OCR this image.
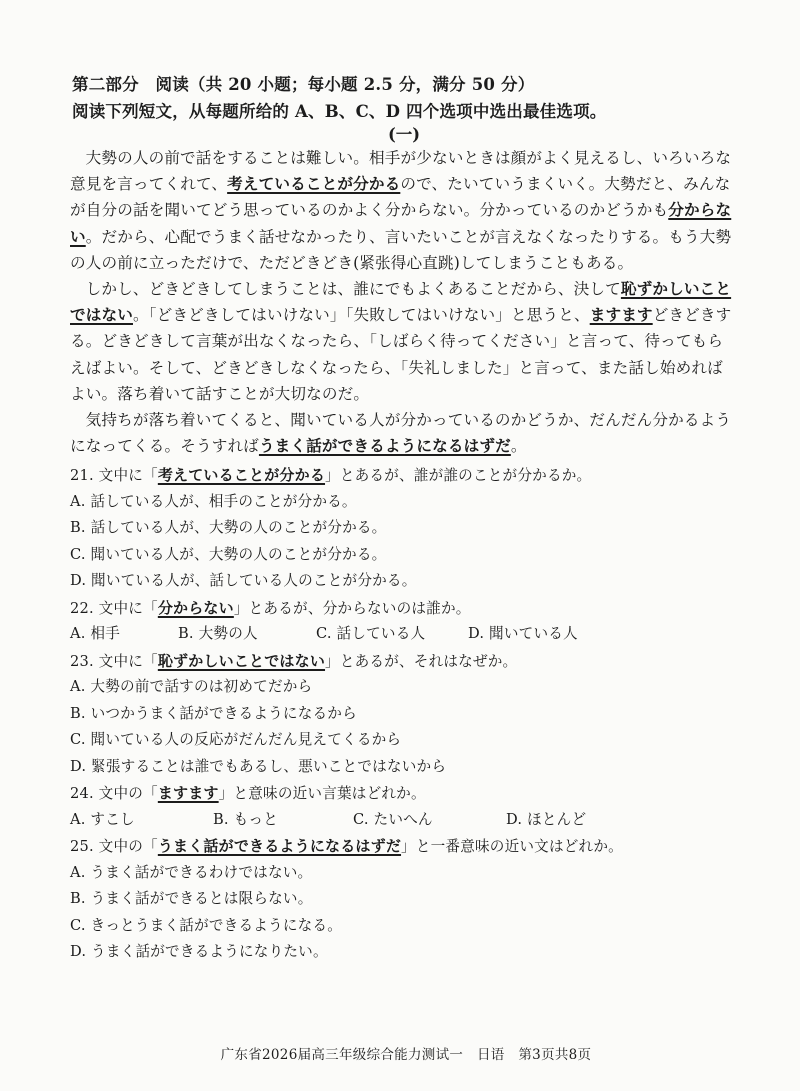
第二部分　阅读（共 20 小题；每小题 2.5 分，满分 50 分）
阅读下列短文，从每题所给的 A、B、C、D 四个选项中选出最佳选项。
(一)

大勢の人の前で話をすることは難しい。相手が少ないときは顔がよく見えるし、いろいろな意見を言ってくれて、考えていることが分かるので、たいていうまくいく。大勢だと、みんなが自分の話を聞いてどう思っているのかよく分からない。分かっているのかどうかも分からない。だから、心配でうまく話せなかったり、言いたいことが言えなくなったりする。もう大勢の人の前に立っただけで、ただどきどき(紧张得心直跳)してしまうこともある。

しかし、どきどきしてしまうことは、誰にでもよくあることだから、決して恥ずかしいことではない。「どきどきしてはいけない」「失敗してはいけない」と思うと、ますますどきどきする。どきどきして言葉が出なくなったら、「しばらく待ってください」と言って、待ってもらえばよい。そして、どきどきしなくなったら、「失礼しました」と言って、また話し始めればよい。落ち着いて話すことが大切なのだ。

気持ちが落ち着いてくると、聞いている人が分かっているのかどうか、だんだん分かるようになってくる。そうすればうまく話ができるようになるはずだ。

21. 文中に「考えていることが分かる」とあるが、誰が誰のことが分かるか。
A. 話している人が、相手のことが分かる。
B. 話している人が、大勢の人のことが分かる。
C. 聞いている人が、大勢の人のことが分かる。
D. 聞いている人が、話している人のことが分かる。
22. 文中に「分からない」とあるが、分からないのは誰か。
A. 相手	B. 大勢の人	C. 話している人	D. 聞いている人
23. 文中に「恥ずかしいことではない」とあるが、それはなぜか。
A. 大勢の前で話すのは初めてだから
B. いつかうまく話ができるようになるから
C. 聞いている人の反応がだんだん見えてくるから
D. 緊張することは誰でもあるし、悪いことではないから
24. 文中の「ますます」と意味の近い言葉はどれか。
A. すこし	B. もっと	C. たいへん	D. ほとんど
25. 文中の「うまく話ができるようになるはずだ」と一番意味の近い文はどれか。
A. うまく話ができるわけではない。
B. うまく話ができるとは限らない。
C. きっとうまく話ができるようになる。
D. うまく話ができるようになりたい。
广东省2026届高三年级综合能力测试一　日语　第3页共8页
